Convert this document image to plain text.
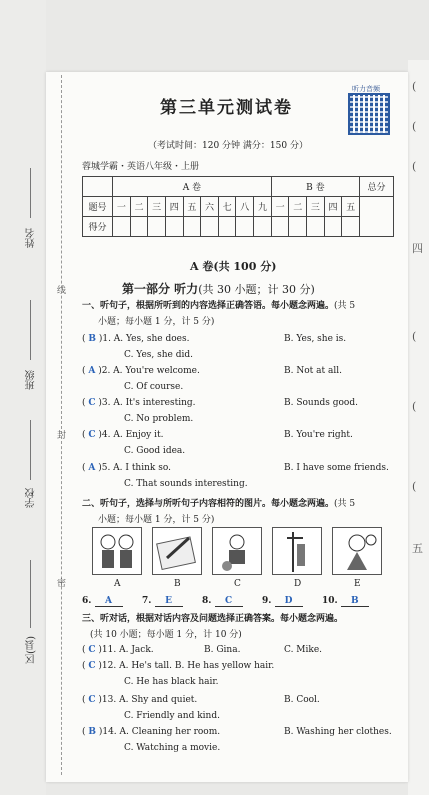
姓名
班级
学校
区(县)
(
(
(
四
(
(
(
五
线
封
密
第三单元测试卷
听力音频
（考试时间：120 分钟 满分：150 分）
蓉城学霸・英语八年级・上册
	A 卷									B 卷					总分
题号	一	二	三	四	五	六	七	八	九	一	二	三	四	五	
得分															
A 卷(共 100 分)
第一部分 听力(共 30 小题；计 30 分)
一、听句子，根据所听到的内容选择正确答语。每小题念两遍。(共 5
小题；每小题 1 分，计 5 分)
二、听句子，选择与所听句子内容相符的图片。每小题念两遍。(共 5
小题；每小题 1 分，计 5 分)
A	B	C	D	E
三、听对话，根据对话内容及问题选择正确答案。每小题念两遍。
(共 10 小题；每小题 1 分，计 10 分)
( B )1. A. Yes, she does.	B. Yes, she is.
C. Yes, she did.
( A )2. A. You're welcome.	B. Not at all.
C. Of course.
( C )3. A. It's interesting.	B. Sounds good.
C. No problem.
( C )4. A. Enjoy it.	B. You're right.
C. Good idea.
( A )5. A. I think so.	B. I have some friends.
C. That sounds interesting.
6. A	7. E	8. C	9. D	10. B
( C )11. A. Jack.	B. Gina.	C. Mike.
( C )12. A. He's tall. B. He has yellow hair.
C. He has black hair.
( C )13. A. Shy and quiet.	B. Cool.
C. Friendly and kind.
( B )14. A. Cleaning her room.	B. Washing her clothes.
C. Watching a movie.
